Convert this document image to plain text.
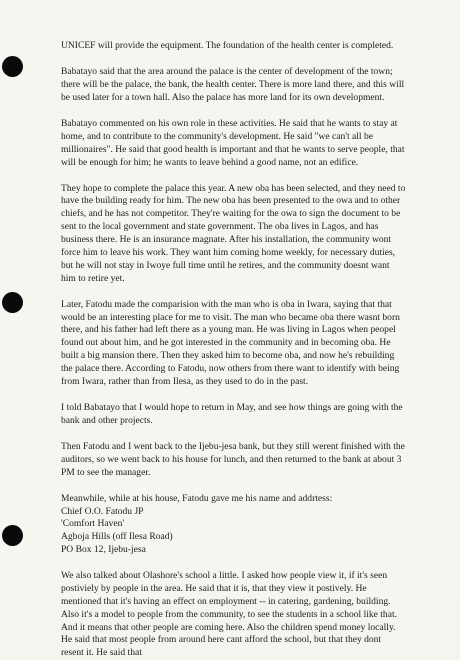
UNICEF will provide the equipment. The foundation of the health center is completed.

Babatayo said that the area around the palace is the center of development of the town; there will be the palace, the bank, the health center. There is more land there, and this will be used later for a town hall. Also the palace has more land for its own development.

Babatayo commented on his own role in these activities. He said that he wants to stay at home, and to contribute to the community's development. He said "we can't all be millionaires". He said that good health is important and that he wants to serve people, that will be enough for him; he wants to leave behind a good name, not an edifice.

They hope to complete the palace this year. A new oba has been selected, and they need to have the building ready for him. The new oba has been presented to the owa and to other chiefs, and he has not competitor. They're waiting for the owa to sign the document to be sent to the local government and state government. The oba lives in Lagos, and has business there. He is an insurance magnate. After his installation, the community wont force him to leave his work. They want him coming home weekly, for necessary duties, but he will not stay in Iwoye full time until he retires, and the community doesnt want him to retire yet.

Later, Fatodu made the comparision with the man who is oba in Iwara, saying that that would be an interesting place for me to visit. The man who became oba there wasnt born there, and his father had left there as a young man. He was living in Lagos when peopel found out about him, and he got interested in the community and in becoming oba. He built a big mansion there. Then they asked him to become oba, and now he's rebuilding the palace there. According to Fatodu, now others from there want to identify with being from Iwara, rather than from Ilesa, as they used to do in the past.

I told Babatayo that I would hope to return in May, and see how things are going with the bank and other projects.

Then Fatodu and I went back to the Ijebu-jesa bank, but they still werent finished with the auditors, so we went back to his house for lunch, and then returned to the bank at about 3 PM to see the manager.

Meanwhile, while at his house, Fatodu gave me his name and addrtess:
Chief O.O. Fatodu JP
'Comfort Haven'
Agboja Hills (off Ilesa Road)
PO Box 12, Ijebu-jesa

We also talked about Olashore's school a little. I asked how people view it, if it's seen postiviely by people in the area. He said that it is, that they view it postively. He mentioned that it's having an effect on employment -- in catering, gardening, building. Also it's a model to people from the community, to see the students in a school like that. And it means that other people are coming here. Also the children spend money locally. He said that most people from around here cant afford the school, but that they dont resent it. He said that
